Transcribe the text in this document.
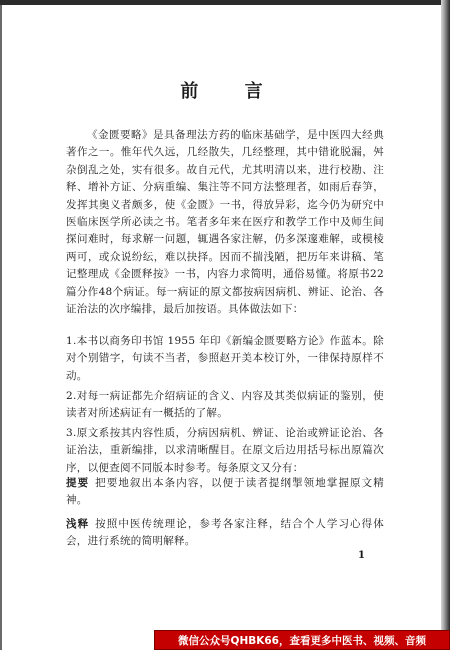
前 言
《金匮要略》是具备理法方药的临床基础学，是中医四大经典著作之一。惟年代久远，几经散失，几经整理，其中错讹脱漏，舛杂倒乱之处，实有很多。故自元代，尤其明清以来，进行校勘、注释、增补方证、分病重编、集注等不同方法整理者，如雨后春笋，发挥其奥义者颇多，使《金匮》一书，得放异彩，迄今仍为研究中医临床医学所必读之书。笔者多年来在医疗和教学工作中及师生间探问难时，每求解一问题，辄遇各家注解，仍多深邃难解，或模棱两可，或众说纷纭，难以抉择。因而不揣浅陋，把历年来讲稿、笔记整理成《金匮释按》一书，内容力求简明，通俗易懂。将原书22篇分作48个病证。每一病证的原文都按病因病机、辨证、论治、各证治法的次序编排，最后加按语。具体做法如下：
1.本书以商务印书馆 1955 年印《新编金匮要略方论》作蓝本。除对个别错字，句读不当者，参照赵开美本校订外，一律保持原样不动。
2.对每一病证都先介绍病证的含义、内容及其类似病证的鉴别，使读者对所述病证有一概括的了解。
3.原文系按其内容性质，分病因病机、辨证、论治或辨证论治、各证治法，重新编排，以求清晰醒目。在原文后边用括号标出原篇次序，以便查阅不同版本时参考。每条原文又分有：
提要 把要地叙出本条内容，以便于读者提纲掣领地掌握原文精神。
浅释 按照中医传统理论，参考各家注释，结合个人学习心得体会，进行系统的简明解释。
1
微信公众号QHBK66，查看更多中医书、视频、音频
